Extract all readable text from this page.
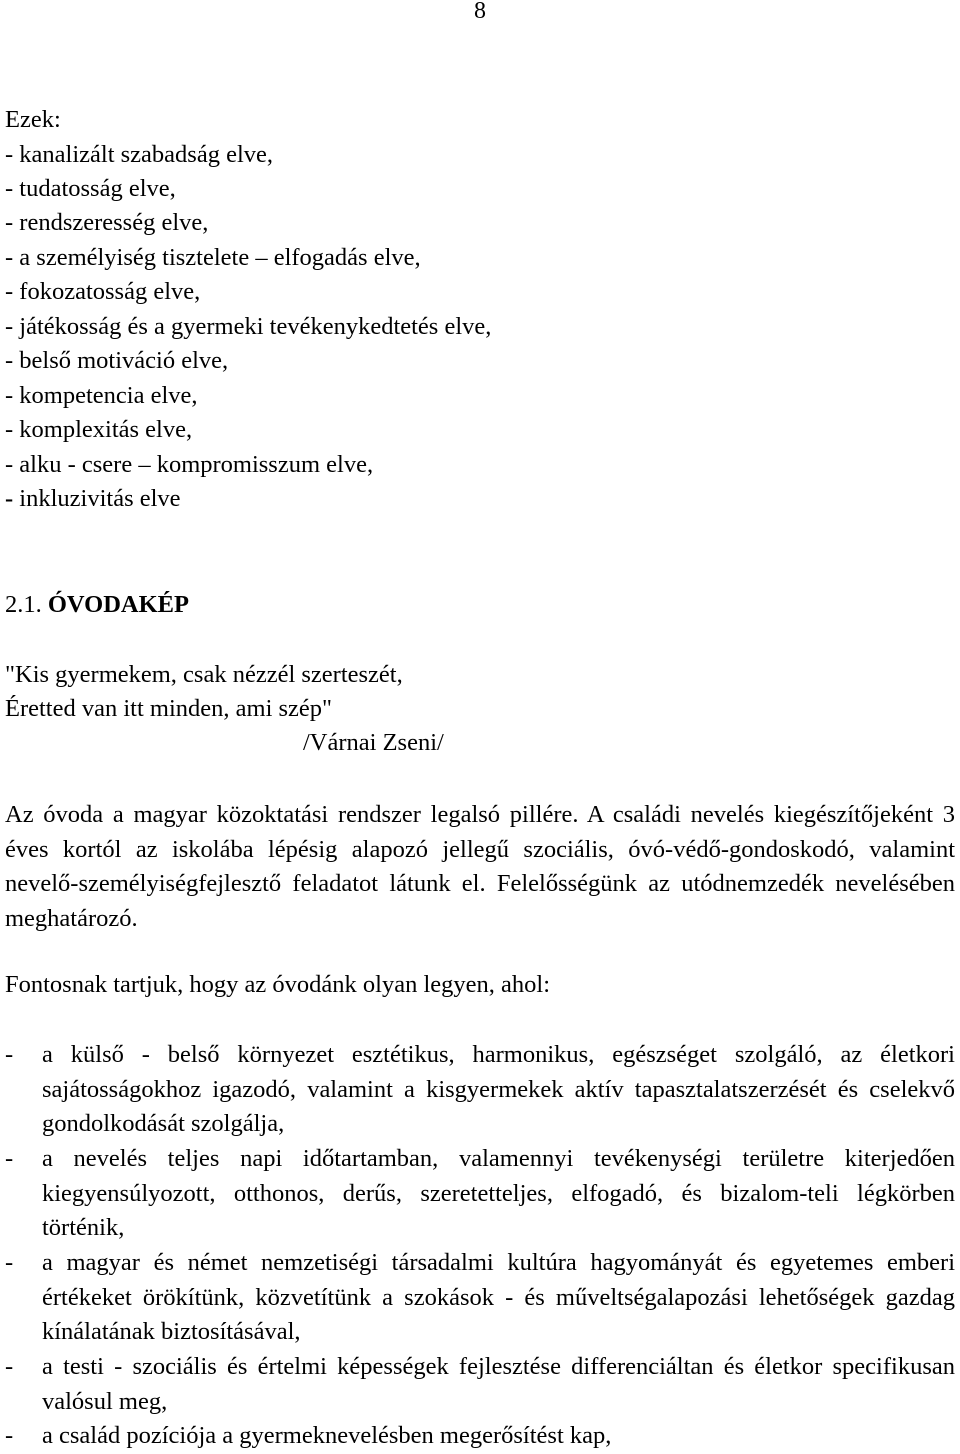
8

Ezek:

- kanalizált szabadság elve,

- tudatosság elve,

- rendszeresség elve,

- a személyiség tisztelete – elfogadás elve,

- fokozatosság elve,

- játékosság és a gyermeki tevékenykedtetés elve,

- belső motiváció elve,

- kompetencia elve,

- komplexitás elve,

- alku - csere – kompromisszum elve,

- inkluzivitás elve

2.1. ÓVODAKÉP

"Kis gyermekem, csak nézzél szerteszét,

Éretted van itt minden, ami szép"

/Várnai Zseni/

Az óvoda a magyar közoktatási rendszer legalsó pillére. A családi nevelés kiegészítőjeként 3 éves kortól az iskolába lépésig alapozó jellegű szociális, óvó-védő-gondoskodó, valamint nevelő-személyiségfejlesztő feladatot látunk el. Felelősségünk az utódnemzedék nevelésében meghatározó.

Fontosnak tartjuk, hogy az óvodánk olyan legyen, ahol:

- a külső - belső környezet esztétikus, harmonikus, egészséget szolgáló, az életkori sajátosságokhoz igazodó, valamint a kisgyermekek aktív tapasztalatszerzését és cselekvő gondolkodását szolgálja,
- a nevelés teljes napi időtartamban, valamennyi tevékenységi területre kiterjedően kiegyensúlyozott, otthonos, derűs, szeretetteljes, elfogadó, és bizalom-teli légkörben történik,
- a magyar és német nemzetiségi társadalmi kultúra hagyományát és egyetemes emberi értékeket örökítünk, közvetítünk a szokások - és műveltségalapozási lehetőségek gazdag kínálatának biztosításával,
- a testi - szociális és értelmi képességek fejlesztése differenciáltan és életkor specifikusan valósul meg,
- a család pozíciója a gyermeknevelésben megerősítést kap,
